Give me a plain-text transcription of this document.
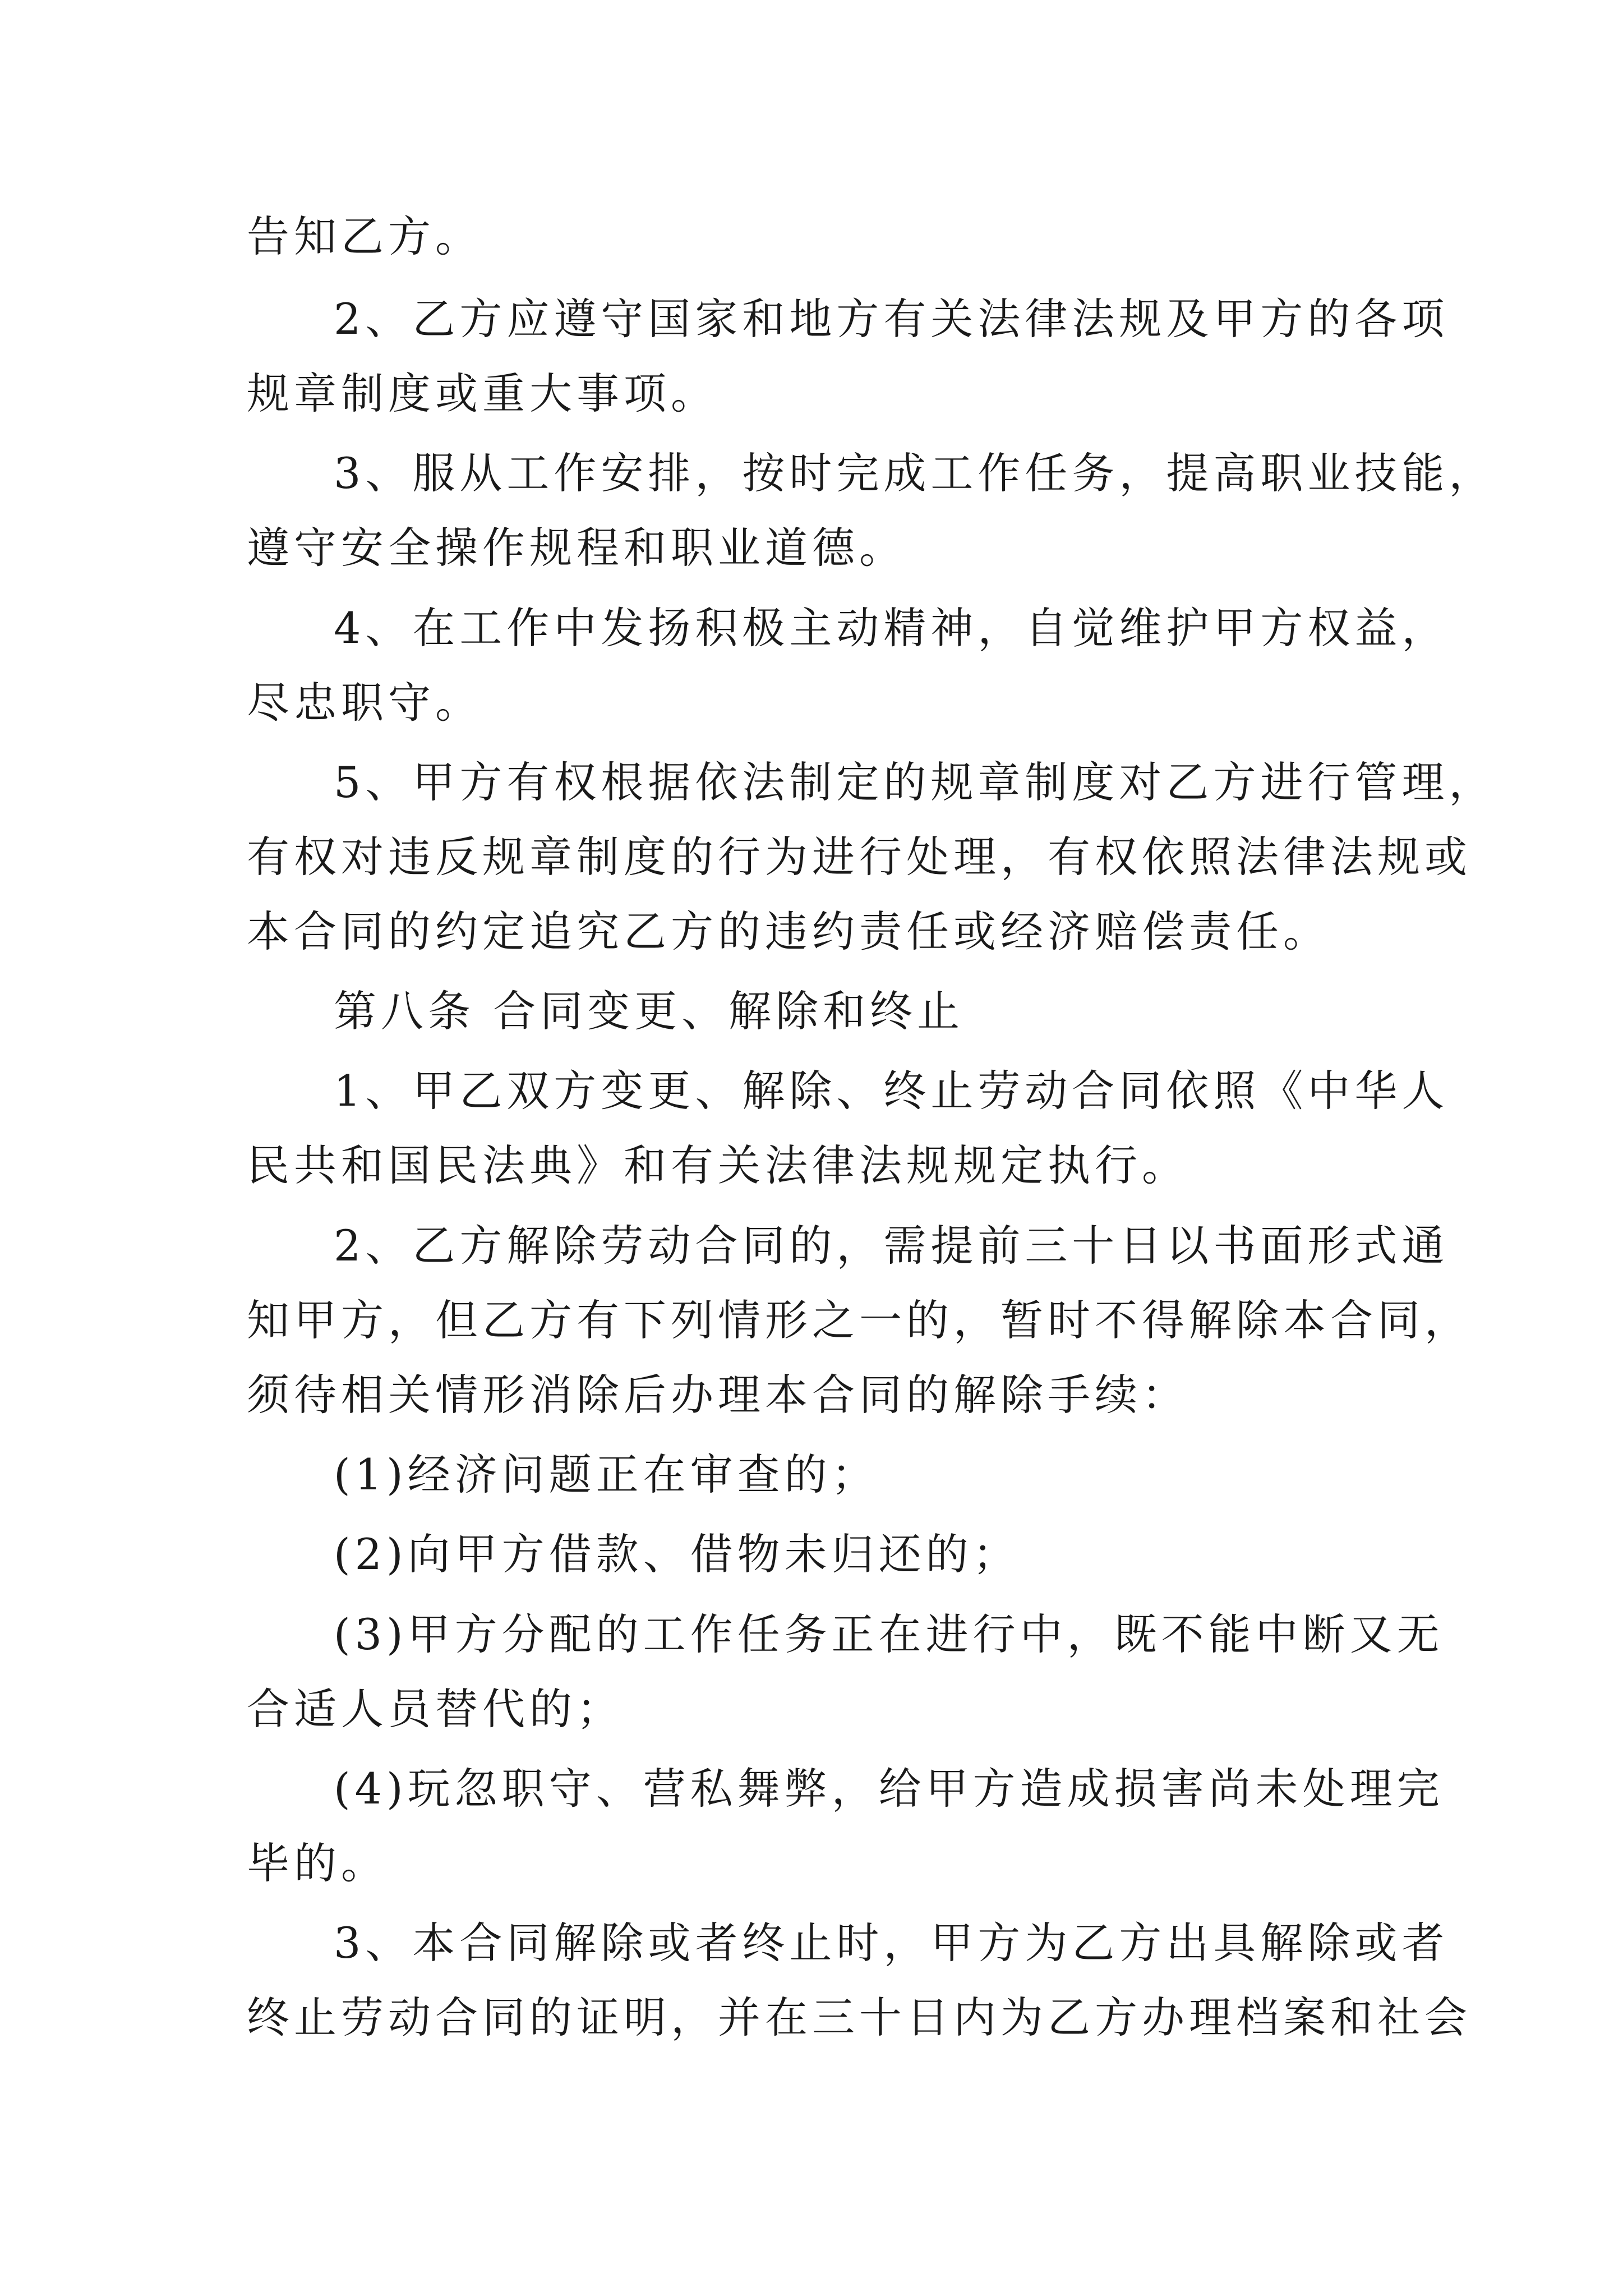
告知乙方。

2、乙方应遵守国家和地方有关法律法规及甲方的各项

规章制度或重大事项。

3、服从工作安排，按时完成工作任务，提高职业技能，

遵守安全操作规程和职业道德。

4、在工作中发扬积极主动精神，自觉维护甲方权益，

尽忠职守。

5、甲方有权根据依法制定的规章制度对乙方进行管理，

有权对违反规章制度的行为进行处理，有权依照法律法规或

本合同的约定追究乙方的违约责任或经济赔偿责任。

第八条 合同变更、解除和终止

1、甲乙双方变更、解除、终止劳动合同依照《中华人

民共和国民法典》和有关法律法规规定执行。

2、乙方解除劳动合同的，需提前三十日以书面形式通

知甲方，但乙方有下列情形之一的，暂时不得解除本合同，

须待相关情形消除后办理本合同的解除手续：

(1)经济问题正在审查的；

(2)向甲方借款、借物未归还的；

(3)甲方分配的工作任务正在进行中，既不能中断又无

合适人员替代的；

(4)玩忽职守、营私舞弊，给甲方造成损害尚未处理完

毕的。

3、本合同解除或者终止时，甲方为乙方出具解除或者

终止劳动合同的证明，并在三十日内为乙方办理档案和社会
